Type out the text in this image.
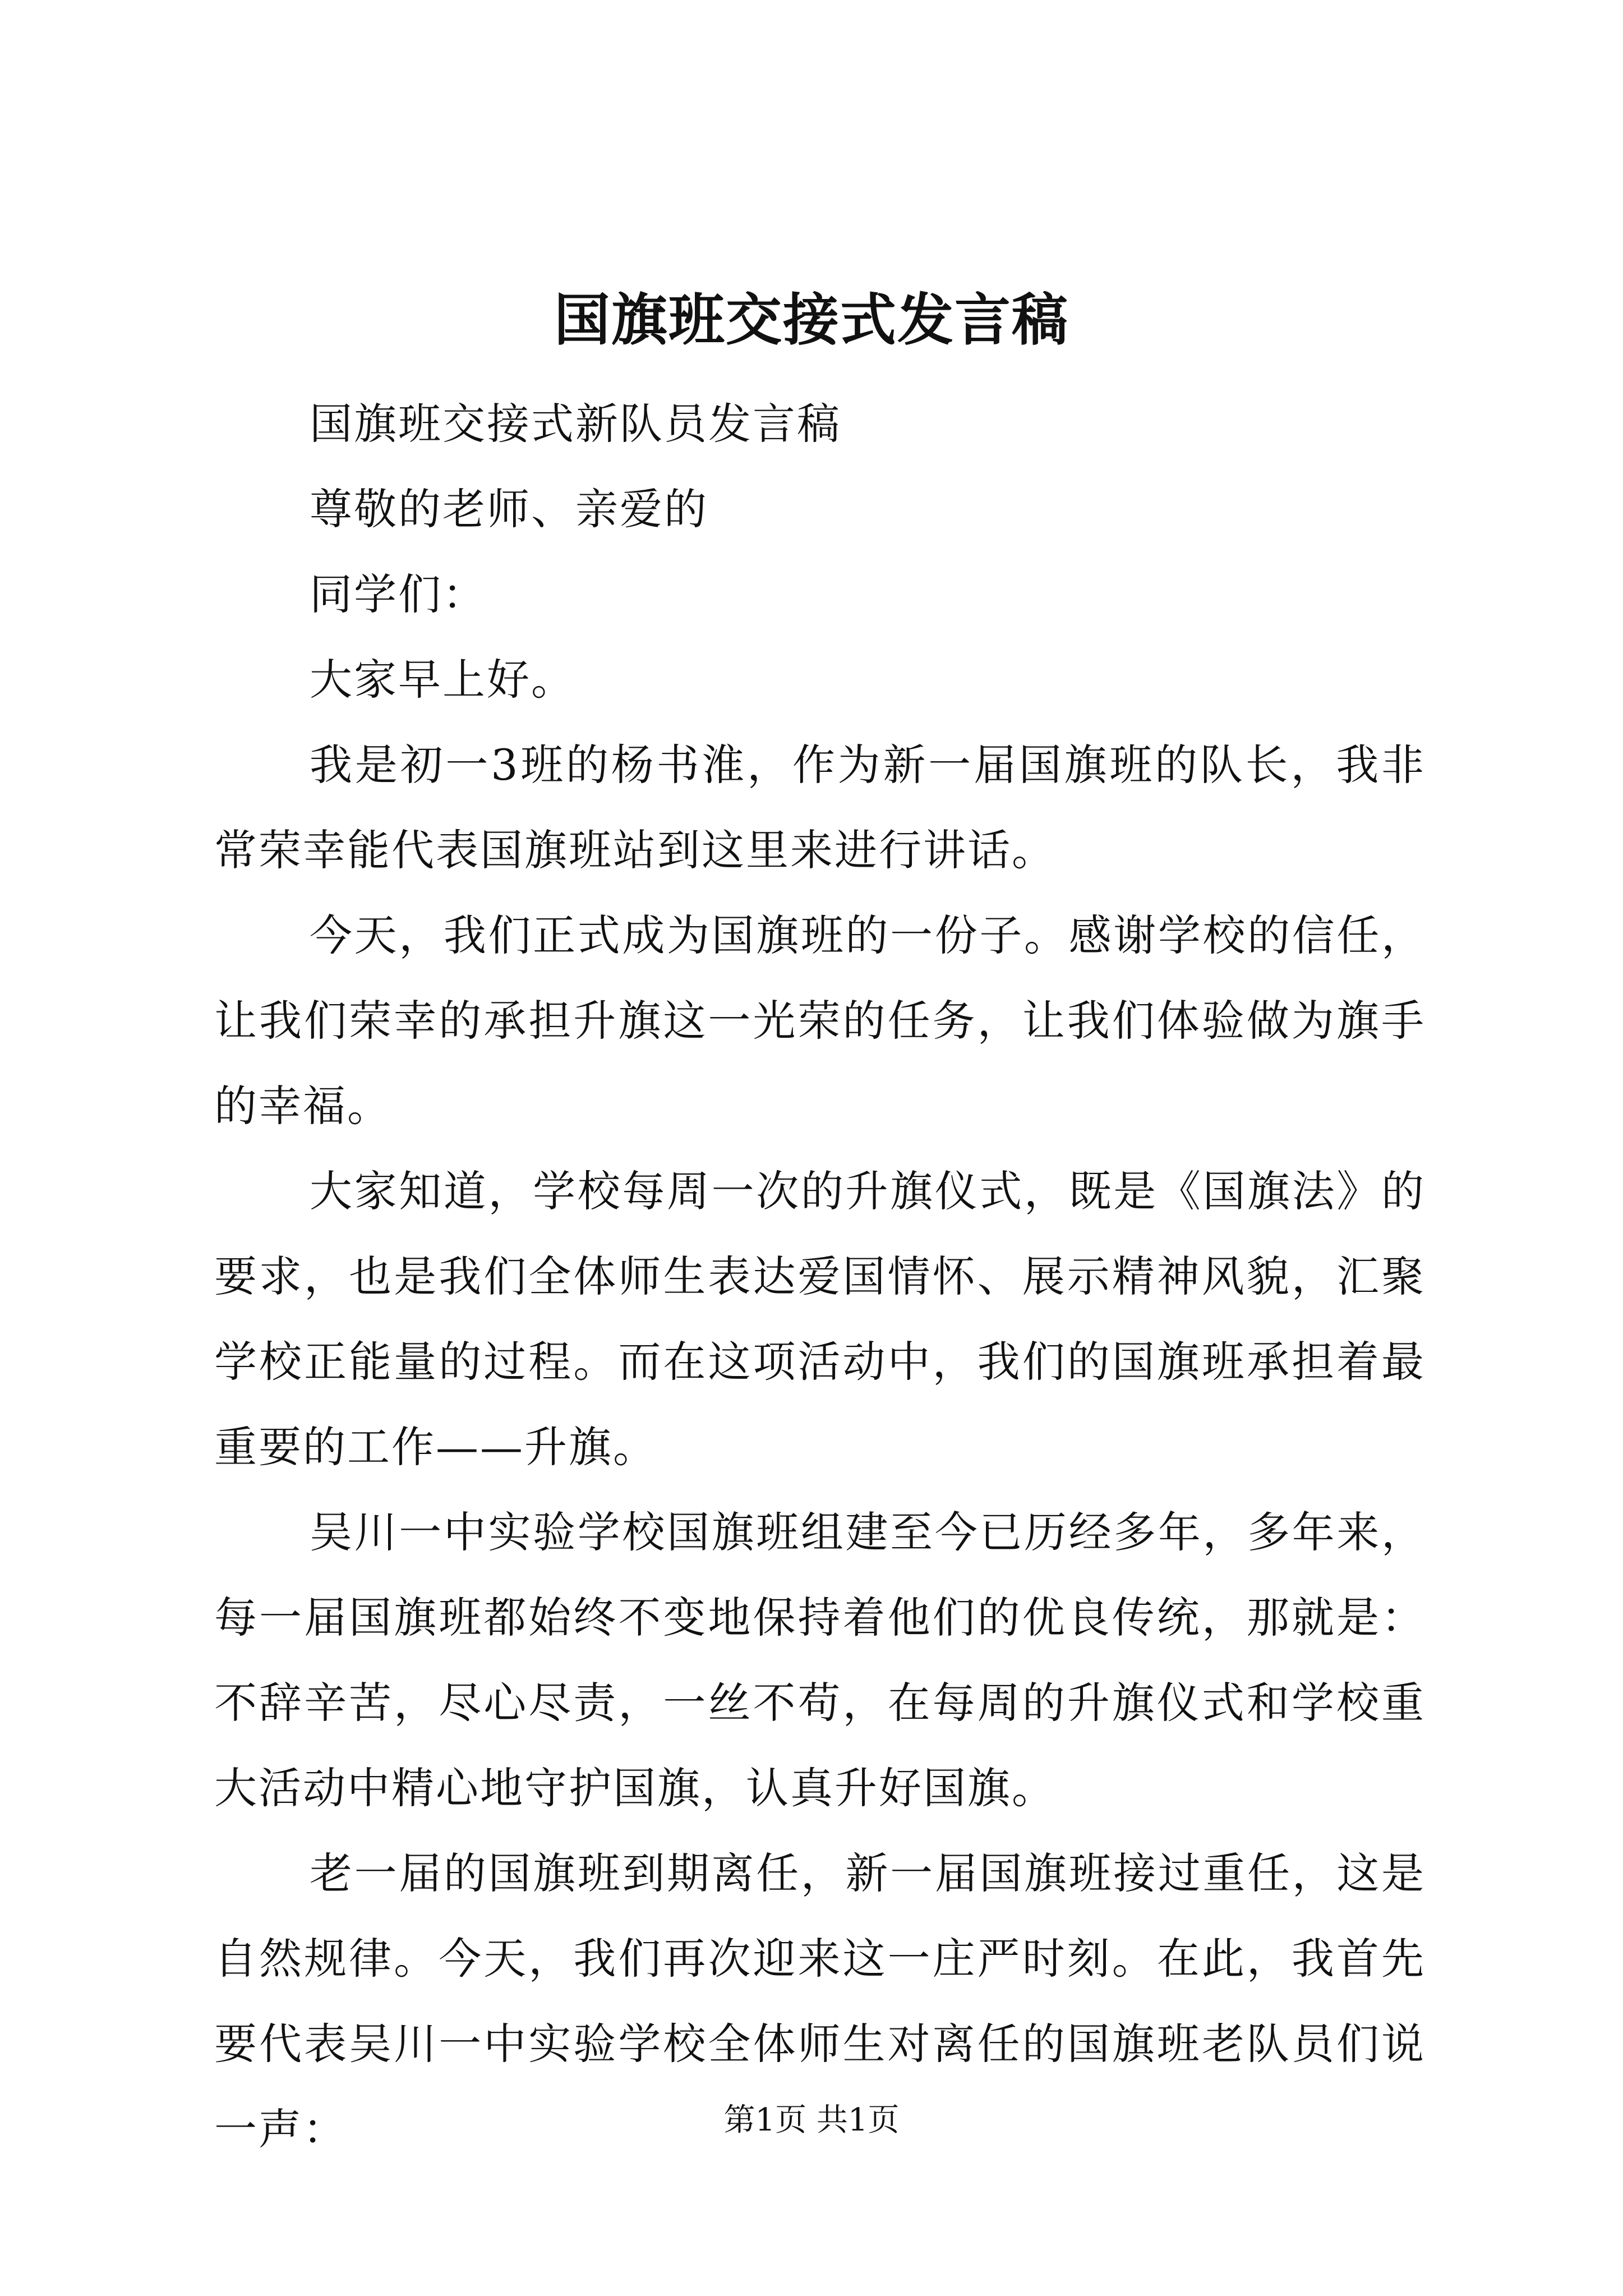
国旗班交接式发言稿

国旗班交接式新队员发言稿

尊敬的老师、亲爱的

同学们：

大家早上好。

我是初一3班的杨书淮，作为新一届国旗班的队长，我非常荣幸能代表国旗班站到这里来进行讲话。

今天，我们正式成为国旗班的一份子。感谢学校的信任，让我们荣幸的承担升旗这一光荣的任务，让我们体验做为旗手的幸福。

大家知道，学校每周一次的升旗仪式，既是《国旗法》的要求，也是我们全体师生表达爱国情怀、展示精神风貌，汇聚学校正能量的过程。而在这项活动中，我们的国旗班承担着最重要的工作——升旗。

吴川一中实验学校国旗班组建至今已历经多年，多年来，每一届国旗班都始终不变地保持着他们的优良传统，那就是：不辞辛苦，尽心尽责，一丝不苟，在每周的升旗仪式和学校重大活动中精心地守护国旗，认真升好国旗。

老一届的国旗班到期离任，新一届国旗班接过重任，这是自然规律。今天，我们再次迎来这一庄严时刻。在此，我首先要代表吴川一中实验学校全体师生对离任的国旗班老队员们说一声：	第1页 共1页
